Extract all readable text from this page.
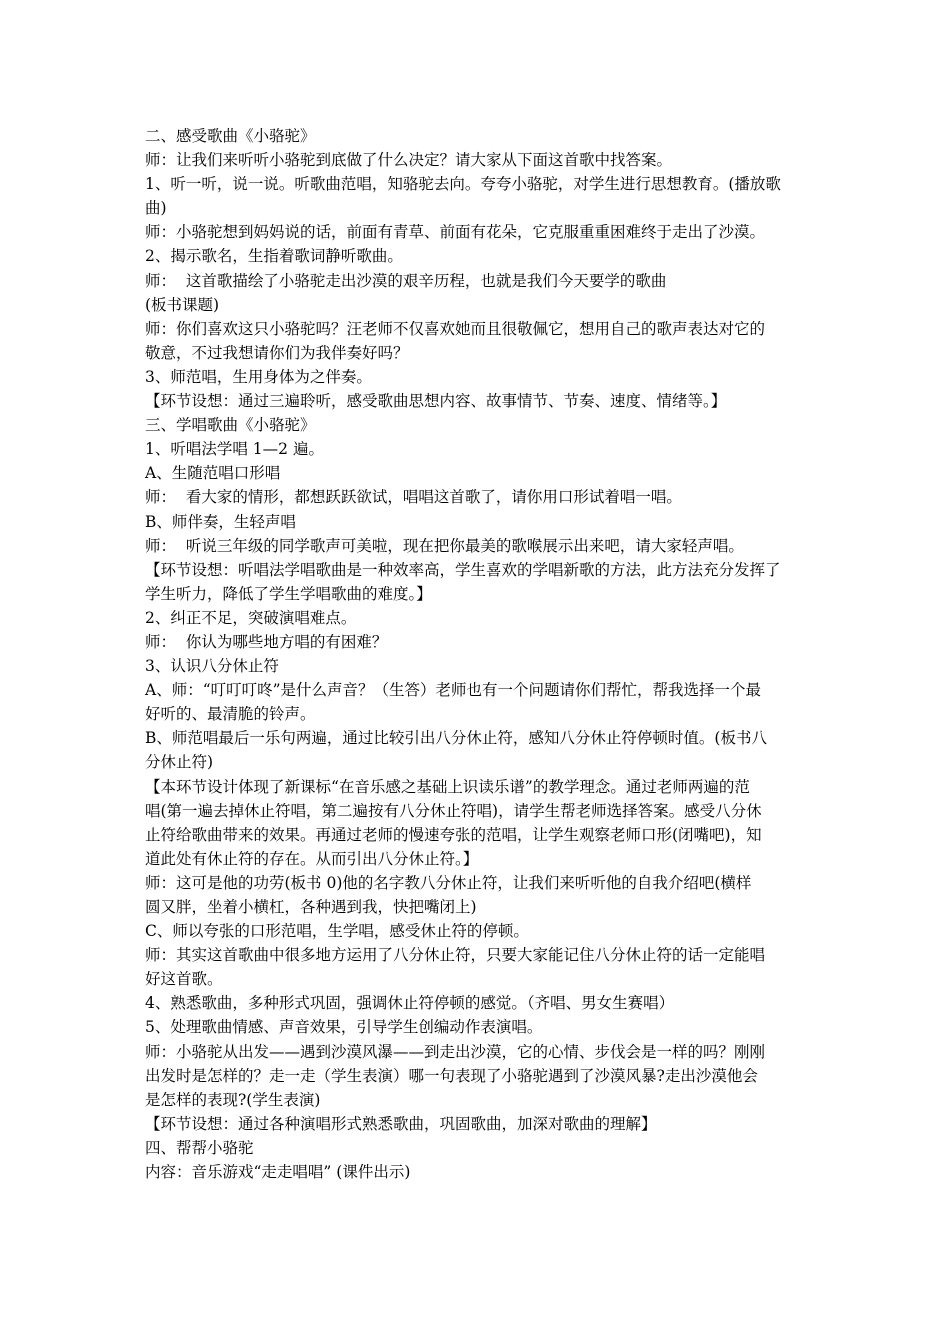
二、感受歌曲《小骆驼》
师：让我们来听听小骆驼到底做了什么决定？请大家从下面这首歌中找答案。
1、听一听，说一说。听歌曲范唱，知骆驼去向。夸夸小骆驼，对学生进行思想教育。(播放歌
曲)
师：小骆驼想到妈妈说的话，前面有青草、前面有花朵，它克服重重困难终于走出了沙漠。
2、揭示歌名，生指着歌词静听歌曲。
师：  这首歌描绘了小骆驼走出沙漠的艰辛历程，也就是我们今天要学的歌曲
(板书课题)
师：你们喜欢这只小骆驼吗？汪老师不仅喜欢她而且很敬佩它，想用自己的歌声表达对它的
敬意，不过我想请你们为我伴奏好吗？
3、师范唱，生用身体为之伴奏。
【环节设想：通过三遍聆听，感受歌曲思想内容、故事情节、节奏、速度、情绪等。】
三、学唱歌曲《小骆驼》
1、听唱法学唱 1—2 遍。
A、生随范唱口形唱
师：  看大家的情形，都想跃跃欲试，唱唱这首歌了，请你用口形试着唱一唱。
B、师伴奏，生轻声唱
师：  听说三年级的同学歌声可美啦，现在把你最美的歌喉展示出来吧，请大家轻声唱。
【环节设想：听唱法学唱歌曲是一种效率高，学生喜欢的学唱新歌的方法，此方法充分发挥了
学生听力，降低了学生学唱歌曲的难度。】
2、纠正不足，突破演唱难点。
师：  你认为哪些地方唱的有困难？
3、认识八分休止符
A、师：“叮叮叮咚”是什么声音？（生答）老师也有一个问题请你们帮忙，帮我选择一个最
好听的、最清脆的铃声。
B、师范唱最后一乐句两遍，通过比较引出八分休止符，感知八分休止符停顿时值。(板书八
分休止符)
【本环节设计体现了新课标“在音乐感之基础上识读乐谱”的教学理念。通过老师两遍的范
唱(第一遍去掉休止符唱，第二遍按有八分休止符唱)，请学生帮老师选择答案。感受八分休
止符给歌曲带来的效果。再通过老师的慢速夸张的范唱，让学生观察老师口形(闭嘴吧)，知
道此处有休止符的存在。从而引出八分休止符。】
师：这可是他的功劳(板书 0)他的名字教八分休止符，让我们来听听他的自我介绍吧(横样
圆又胖，坐着小横杠，各种遇到我，快把嘴闭上)
C、师以夸张的口形范唱，生学唱，感受休止符的停顿。
师：其实这首歌曲中很多地方运用了八分休止符，只要大家能记住八分休止符的话一定能唱
好这首歌。
4、熟悉歌曲，多种形式巩固，强调休止符停顿的感觉。（齐唱、男女生赛唱）
5、处理歌曲情感、声音效果，引导学生创编动作表演唱。
师：小骆驼从出发——遇到沙漠风瀑——到走出沙漠，它的心情、步伐会是一样的吗？刚刚
出发时是怎样的？走一走（学生表演）哪一句表现了小骆驼遇到了沙漠风暴?走出沙漠他会
是怎样的表现?(学生表演)
【环节设想：通过各种演唱形式熟悉歌曲，巩固歌曲，加深对歌曲的理解】
四、帮帮小骆驼
内容：音乐游戏“走走唱唱” (课件出示)
